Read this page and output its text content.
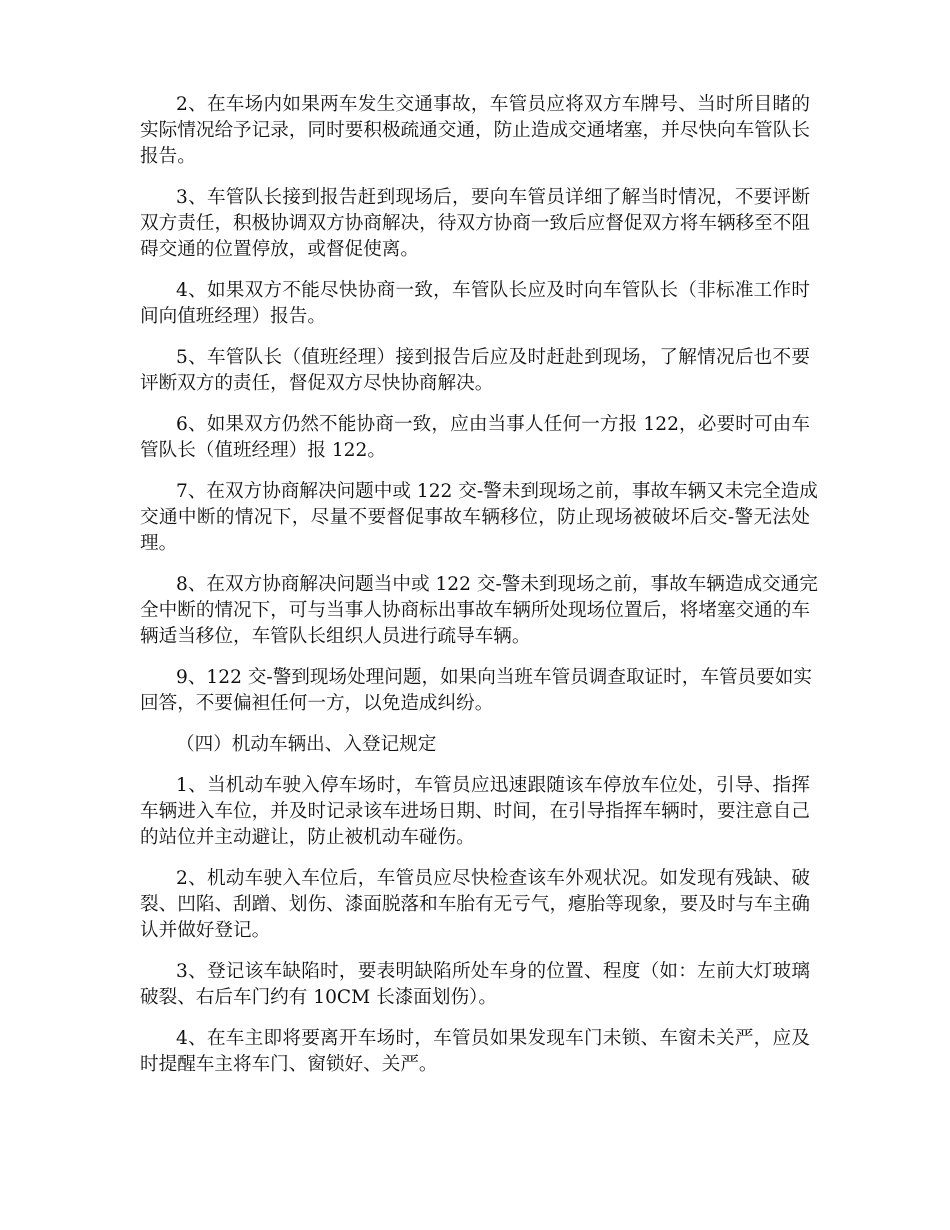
2、在车场内如果两车发生交通事故，车管员应将双方车牌号、当时所目睹的
实际情况给予记录，同时要积极疏通交通，防止造成交通堵塞，并尽快向车管队长
报告。
3、车管队长接到报告赶到现场后，要向车管员详细了解当时情况，不要评断
双方责任，积极协调双方协商解决，待双方协商一致后应督促双方将车辆移至不阻
碍交通的位置停放，或督促使离。
4、如果双方不能尽快协商一致，车管队长应及时向车管队长（非标准工作时
间向值班经理）报告。
5、车管队长（值班经理）接到报告后应及时赶赴到现场，了解情况后也不要
评断双方的责任，督促双方尽快协商解决。
6、如果双方仍然不能协商一致，应由当事人任何一方报 122，必要时可由车
管队长（值班经理）报 122。
7、在双方协商解决问题中或 122 交-警未到现场之前，事故车辆又未完全造成
交通中断的情况下，尽量不要督促事故车辆移位，防止现场被破坏后交-警无法处
理。
8、在双方协商解决问题当中或 122 交-警未到现场之前，事故车辆造成交通完
全中断的情况下，可与当事人协商标出事故车辆所处现场位置后，将堵塞交通的车
辆适当移位，车管队长组织人员进行疏导车辆。
9、122 交-警到现场处理问题，如果向当班车管员调查取证时，车管员要如实
回答，不要偏袒任何一方，以免造成纠纷。
（四）机动车辆出、入登记规定
1、当机动车驶入停车场时，车管员应迅速跟随该车停放车位处，引导、指挥
车辆进入车位，并及时记录该车进场日期、时间，在引导指挥车辆时，要注意自己
的站位并主动避让，防止被机动车碰伤。
2、机动车驶入车位后，车管员应尽快检查该车外观状况。如发现有残缺、破
裂、凹陷、刮蹭、划伤、漆面脱落和车胎有无亏气，瘪胎等现象，要及时与车主确
认并做好登记。
3、登记该车缺陷时，要表明缺陷所处车身的位置、程度（如：左前大灯玻璃
破裂、右后车门约有 10CM 长漆面划伤）。
4、在车主即将要离开车场时，车管员如果发现车门未锁、车窗未关严，应及
时提醒车主将车门、窗锁好、关严。
